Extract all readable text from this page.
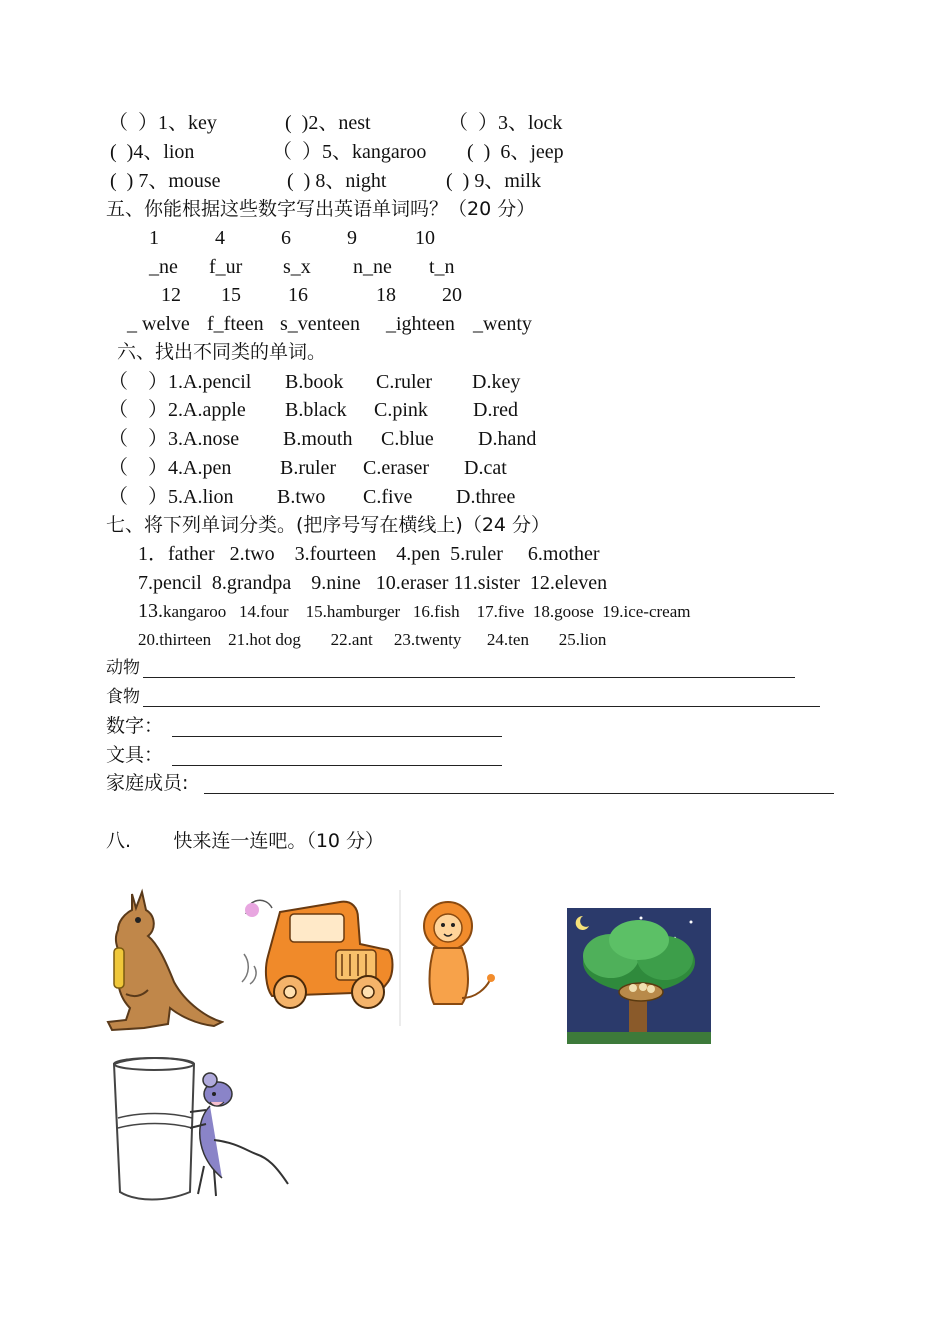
（  ）1、key	(  )2、nest	（  ）3、lock
(  )4、lion	（  ）5、kangaroo (  )  6、jeep
(  ) 7、mouse	(  ) 8、night	(  ) 9、milk
五、你能根据这些数字写出英语单词吗？（20 分）
1	4	6	9	10
_ne f_ur s_x n_ne t_n
12 15 16	18 20
_ welve f_fteen s_venteen _ighteen _wenty
六、找出不同类的单词。
（    ）1.A.pencil B.book C.ruler D.key
（    ）2.A.apple B.black C.pink D.red
（    ）3.A.nose B.mouth C.blue D.hand
（    ）4.A.pen B.ruler C.eraser D.cat
（    ）5.A.lion B.two C.five D.three
七、将下列单词分类。(把序号写在横线上)（24 分）
1．father   2.two    3.fourteen    4.pen  5.ruler     6.mother
7.pencil  8.grandpa    9.nine   10.eraser 11.sister  12.eleven
13.kangaroo   14.four    15.hamburger   16.fish    17.five  18.goose  19.ice-cream
20.thirteen    21.hot dog       22.ant     23.twenty      24.ten       25.lion
动物
食物
数字：
文具：
家庭成员:
八.       快来连一连吧。（10 分）
